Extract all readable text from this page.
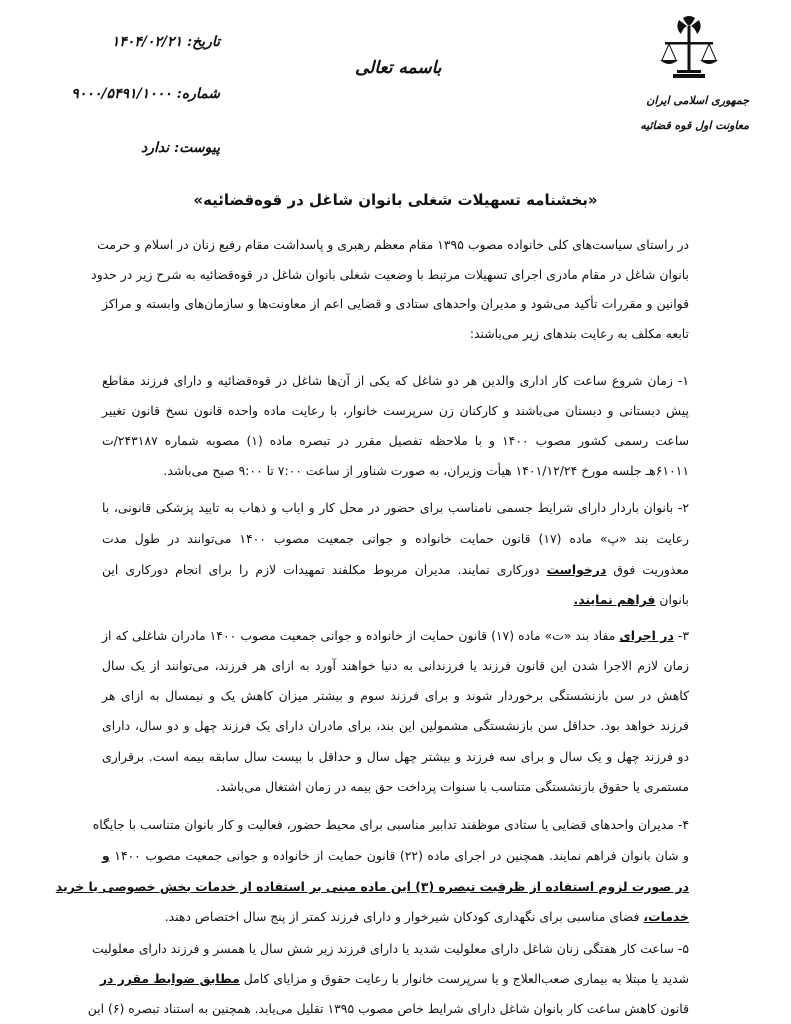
جمهوری اسلامی ایران
معاونت اول قوه قضائیه
باسمه تعالی
تاریخ: ۱۴۰۴/۰۲/۲۱
شماره: ۹۰۰۰/۵۴۹۱/۱۰۰۰
پیوست: ندارد
«بخشنامه تسهیلات شغلی بانوان شاغل در قوه‌قضائیه»
در راستای سیاست‌های کلی خانواده مصوب ۱۳۹۵ مقام معظم رهبری و پاسداشت مقام رفیع زنان در اسلام و حرمت
بانوان شاغل در مقام مادری اجرای تسهیلات مرتبط با وضعیت شغلی بانوان شاغل در قوه‌قضائیه به شرح زیر در حدود
قوانین و مقررات تأکید می‌شود و مدیران واحدهای ستادی و قضایی اعم از معاونت‌ها و سازمان‌های وابسته و مراکز
تابعه مکلف به رعایت بندهای زیر می‌باشند:
۱- زمان شروع ساعت کار اداری والدین هر دو شاغل که یکی از آن‌ها شاغل در قوه‌قضائیه و دارای فرزند مقاطع
پیش دبستانی و دبستان می‌باشند و کارکنان زن سرپرست خانوار، با رعایت ماده واحده قانون نسخ قانون تغییر
ساعت رسمی کشور مصوب ۱۴۰۰ و با ملاحظه تفصیل مقرر در تبصره ماده (۱) مصوبه شماره ۲۴۳۱۸۷/ت
۶۱۰۱۱هـ جلسه مورخ ۱۴۰۱/۱۲/۲۴ هیأت وزیران، به صورت شناور از ساعت ۷:۰۰ تا ۹:۰۰ صبح می‌باشد.
۲- بانوان باردار دارای شرایط جسمی نامناسب برای حضور در محل کار و ایاب و ذهاب به تایید پزشکی قانونی، با
رعایت بند «پ» ماده (۱۷) قانون حمایت خانواده و جوانی جمعیت مصوب ۱۴۰۰ می‌توانند در طول مدت
معذوریت فوق درخواست دورکاری نمایند. مدیران مربوط مکلفند تمهیدات لازم را برای انجام دورکاری این
بانوان فراهم نمایند.
۳- در اجرای مفاد بند «ت» ماده (۱۷) قانون حمایت از خانواده و جوانی جمعیت مصوب ۱۴۰۰ مادران شاغلی که از
زمان لازم الاجرا شدن این قانون فرزند یا فرزندانی به دنیا خواهند آورد به ازای هر فرزند، می‌توانند از یک سال
کاهش در سن بازنشستگی برخوردار شوند و برای فرزند سوم و بیشتر میزان کاهش یک و نیمسال به ازای هر
فرزند خواهد بود. حداقل سن بازنشستگی مشمولین این بند، برای مادران دارای یک فرزند چهل و دو سال، دارای
دو فرزند چهل و یک سال و برای سه فرزند و بیشتر چهل سال و حداقل با بیست سال سابقه بیمه است. برقراری
مستمری یا حقوق بازنشستگی متناسب با سنوات پرداخت حق بیمه در زمان اشتغال می‌باشد.
۴- مدیران واحدهای قضایی یا ستادی موظفند تدابیر مناسبی برای محیط حضور، فعالیت و کار بانوان متناسب با جایگاه
و شان بانوان فراهم نمایند. همچنین در اجرای ماده (۲۲) قانون حمایت از خانواده و جوانی جمعیت مصوب ۱۴۰۰ و
در صورت لزوم استفاده از ظرفیت تبصره (۳) این ماده مبنی بر استفاده از خدمات بخش خصوصی یا خرید
خدمات، فضای مناسبی برای نگهداری کودکان شیرخوار و دارای فرزند کمتر از پنج سال اختصاص دهند.
۵- ساعت کار هفتگی زنان شاغل دارای معلولیت شدید یا دارای فرزند زیر شش سال یا همسر و فرزند دارای معلولیت
شدید یا مبتلا به بیماری صعب‌العلاج و یا سرپرست خانوار با رعایت حقوق و مزایای کامل مطابق ضوابط مقرر در
قانون کاهش ساعت کار بانوان شاغل دارای شرایط خاص مصوب ۱۳۹۵ تقلیل می‌یابد. همچنین به استناد تبصره (۶) این
